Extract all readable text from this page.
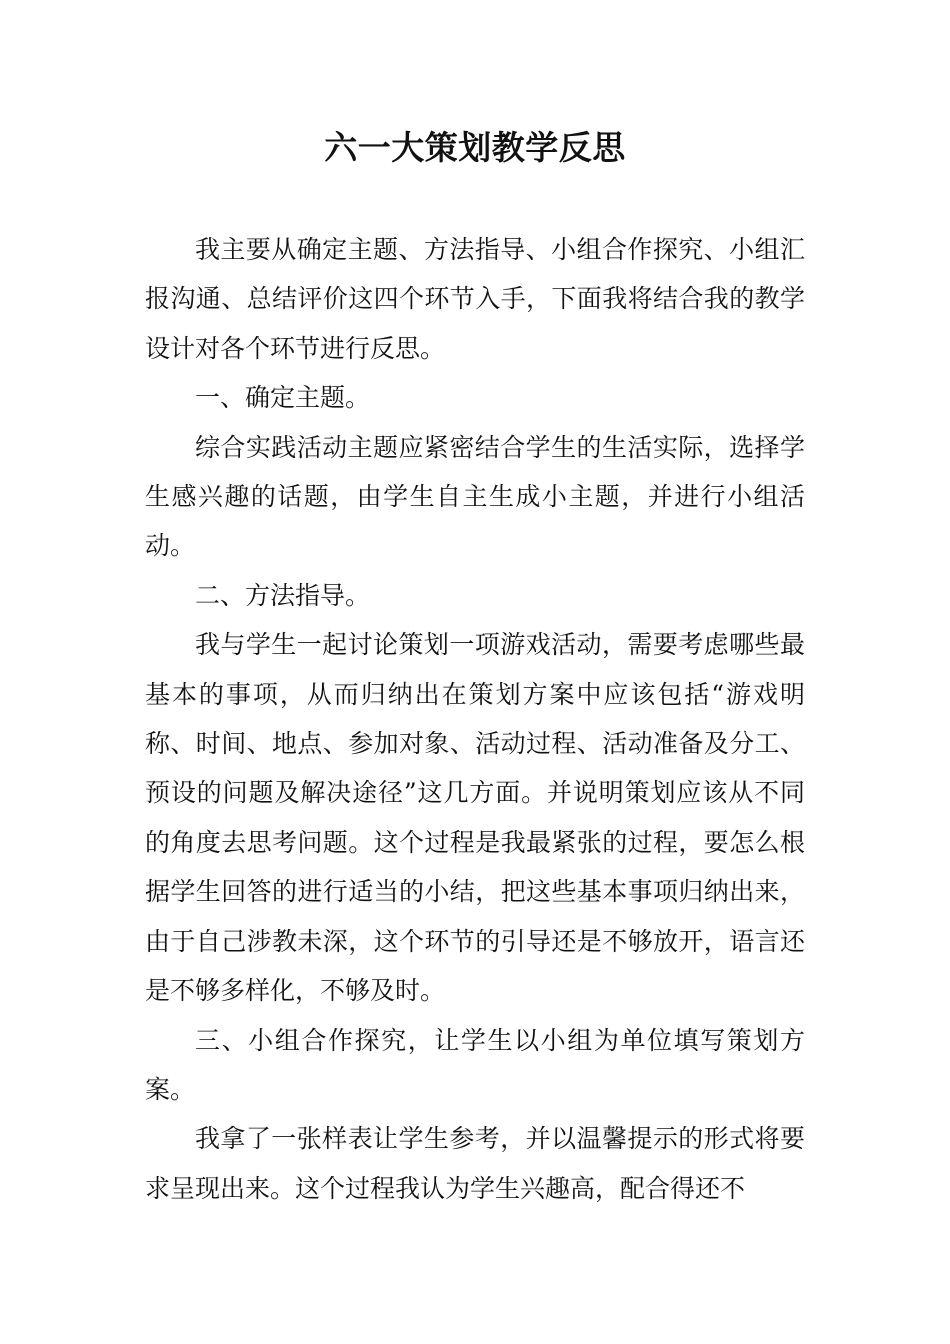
六一大策划教学反思

我主要从确定主题、方法指导、小组合作探究、小组汇报沟通、总结评价这四个环节入手，下面我将结合我的教学设计对各个环节进行反思。

一、确定主题。

综合实践活动主题应紧密结合学生的生活实际，选择学生感兴趣的话题，由学生自主生成小主题，并进行小组活动。

二、方法指导。

我与学生一起讨论策划一项游戏活动，需要考虑哪些最基本的事项，从而归纳出在策划方案中应该包括“游戏明称、时间、地点、参加对象、活动过程、活动准备及分工、预设的问题及解决途径”这几方面。并说明策划应该从不同的角度去思考问题。这个过程是我最紧张的过程，要怎么根据学生回答的进行适当的小结，把这些基本事项归纳出来，由于自己涉教未深，这个环节的引导还是不够放开，语言还是不够多样化，不够及时。

三、小组合作探究，让学生以小组为单位填写策划方案。

我拿了一张样表让学生参考，并以温馨提示的形式将要求呈现出来。这个过程我认为学生兴趣高，配合得还不
